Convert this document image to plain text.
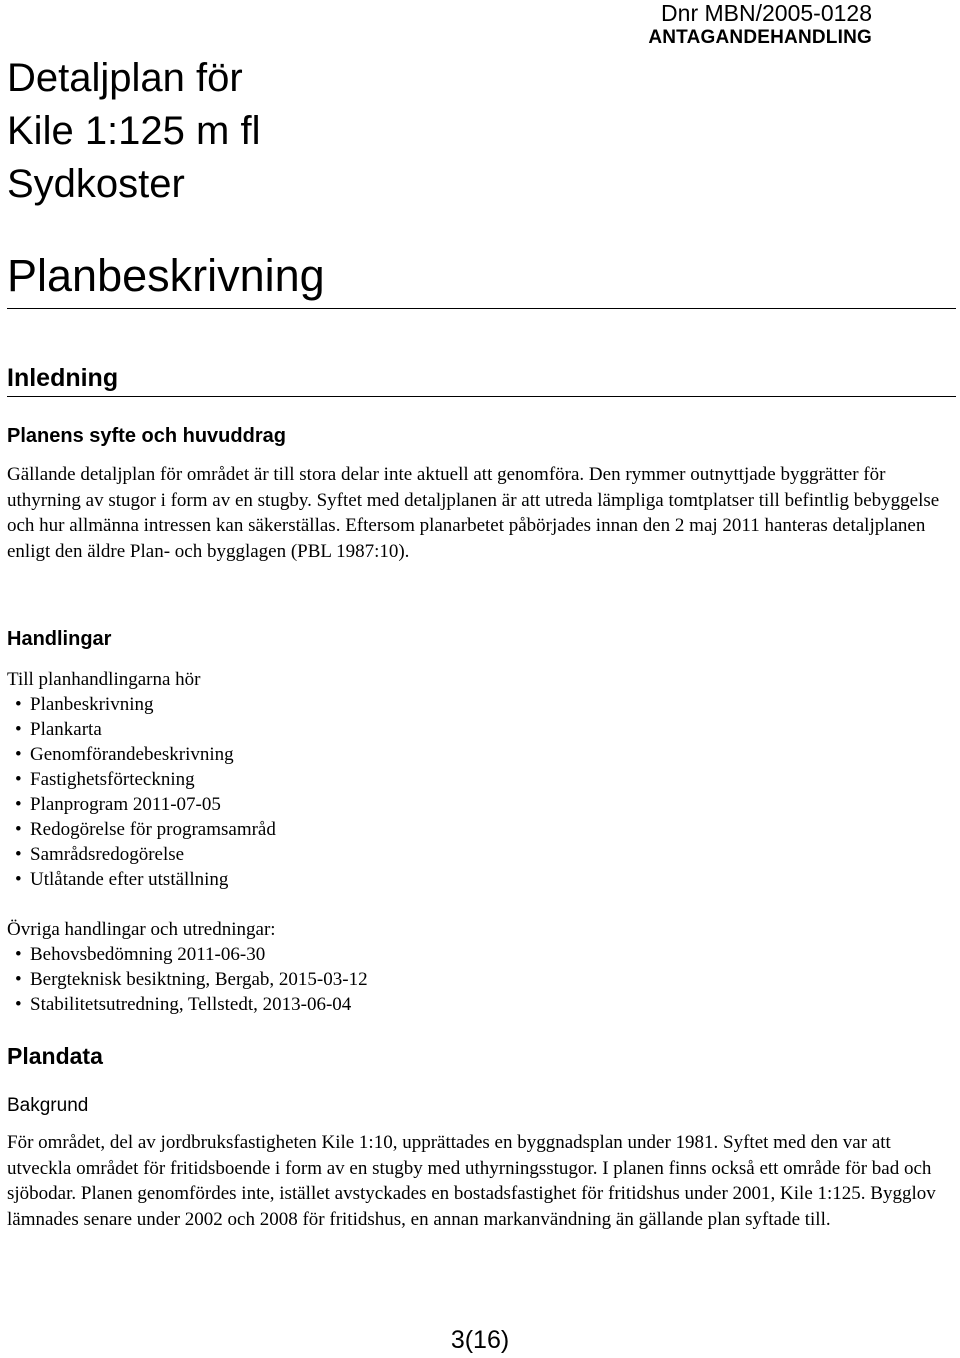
Dnr MBN/2005-0128
ANTAGANDEHANDLING
Detaljplan för
Kile 1:125 m fl
Sydkoster
Planbeskrivning
Inledning
Planens syfte och huvuddrag
Gällande detaljplan för området är till stora delar inte aktuell att genomföra. Den rymmer outnyttjade byggrätter för uthyrning av stugor i form av en stugby. Syftet med detaljplanen är att utreda lämpliga tomtplatser till befintlig bebyggelse och hur allmänna intressen kan säkerställas. Eftersom planarbetet påbörjades innan den 2 maj 2011 hanteras detaljplanen enligt den äldre Plan- och bygglagen (PBL 1987:10).
Handlingar
Till planhandlingarna hör
• Planbeskrivning
• Plankarta
• Genomförandebeskrivning
• Fastighetsförteckning
• Planprogram 2011-07-05
• Redogörelse för programsamråd
• Samrådsredogörelse
• Utlåtande efter utställning
Övriga handlingar och utredningar:
• Behovsbedömning 2011-06-30
• Bergteknisk besiktning, Bergab, 2015-03-12
• Stabilitetsutredning, Tellstedt, 2013-06-04
Plandata
Bakgrund
För området, del av jordbruksfastigheten Kile 1:10, upprättades en byggnadsplan under 1981. Syftet med den var att utveckla området för fritidsboende i form av en stugby med uthyrningsstugor. I planen finns också ett område för bad och sjöbodar. Planen genomfördes inte, istället avstyckades en bostadsfastighet för fritidshus under 2001, Kile 1:125. Bygglov lämnades senare under 2002 och 2008 för fritidshus, en annan markanvändning än gällande plan syftade till.
3(16)
